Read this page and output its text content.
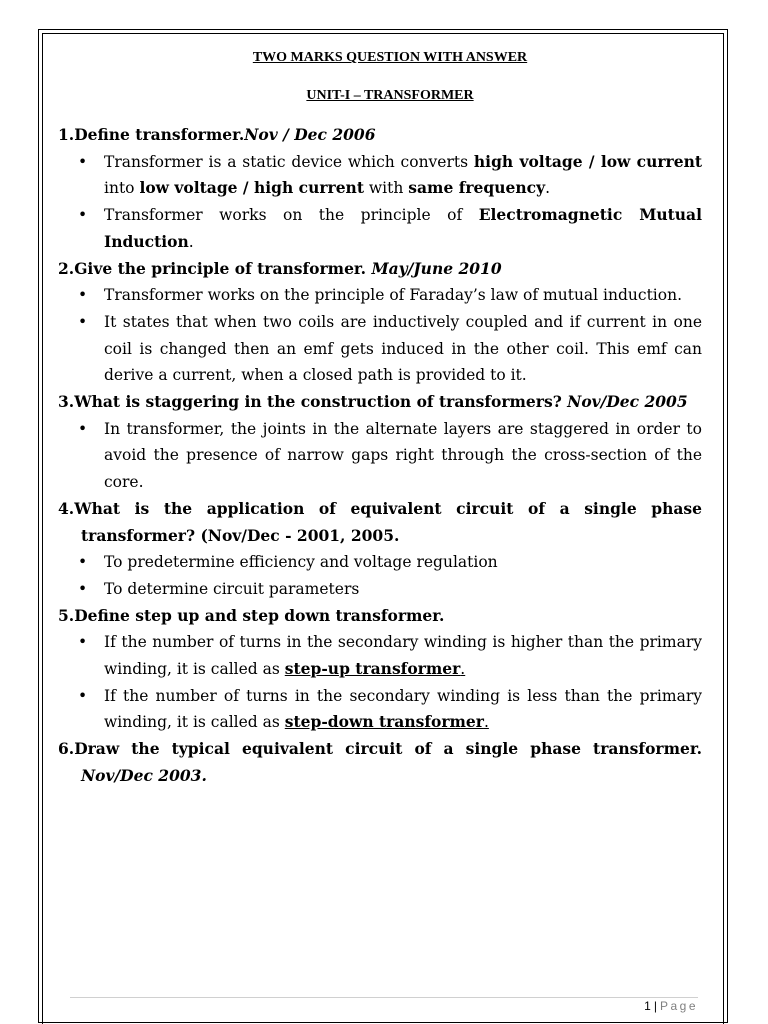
TWO MARKS QUESTION WITH ANSWER

UNIT-I – TRANSFORMER

1.Define transformer.Nov / Dec 2006
• Transformer is a static device which converts high voltage / low current into low voltage / high current with same frequency.
• Transformer works on the principle of Electromagnetic Mutual Induction.
2.Give the principle of transformer. May/June 2010
• Transformer works on the principle of Faraday’s law of mutual induction.
• It states that when two coils are inductively coupled and if current in one coil is changed then an emf gets induced in the other coil. This emf can derive a current, when a closed path is provided to it.
3.What is staggering in the construction of transformers? Nov/Dec 2005
• In transformer, the joints in the alternate layers are staggered in order to avoid the presence of narrow gaps right through the cross-section of the core.
4.What is the application of equivalent circuit of a single phase transformer? (Nov/Dec - 2001, 2005.
• To predetermine efficiency and voltage regulation
• To determine circuit parameters
5.Define step up and step down transformer.
• If the number of turns in the secondary winding is higher than the primary winding, it is called as step-up transformer.
• If the number of turns in the secondary winding is less than the primary winding, it is called as step-down transformer.
6.Draw the typical equivalent circuit of a single phase transformer. Nov/Dec 2003.
1 | Page
